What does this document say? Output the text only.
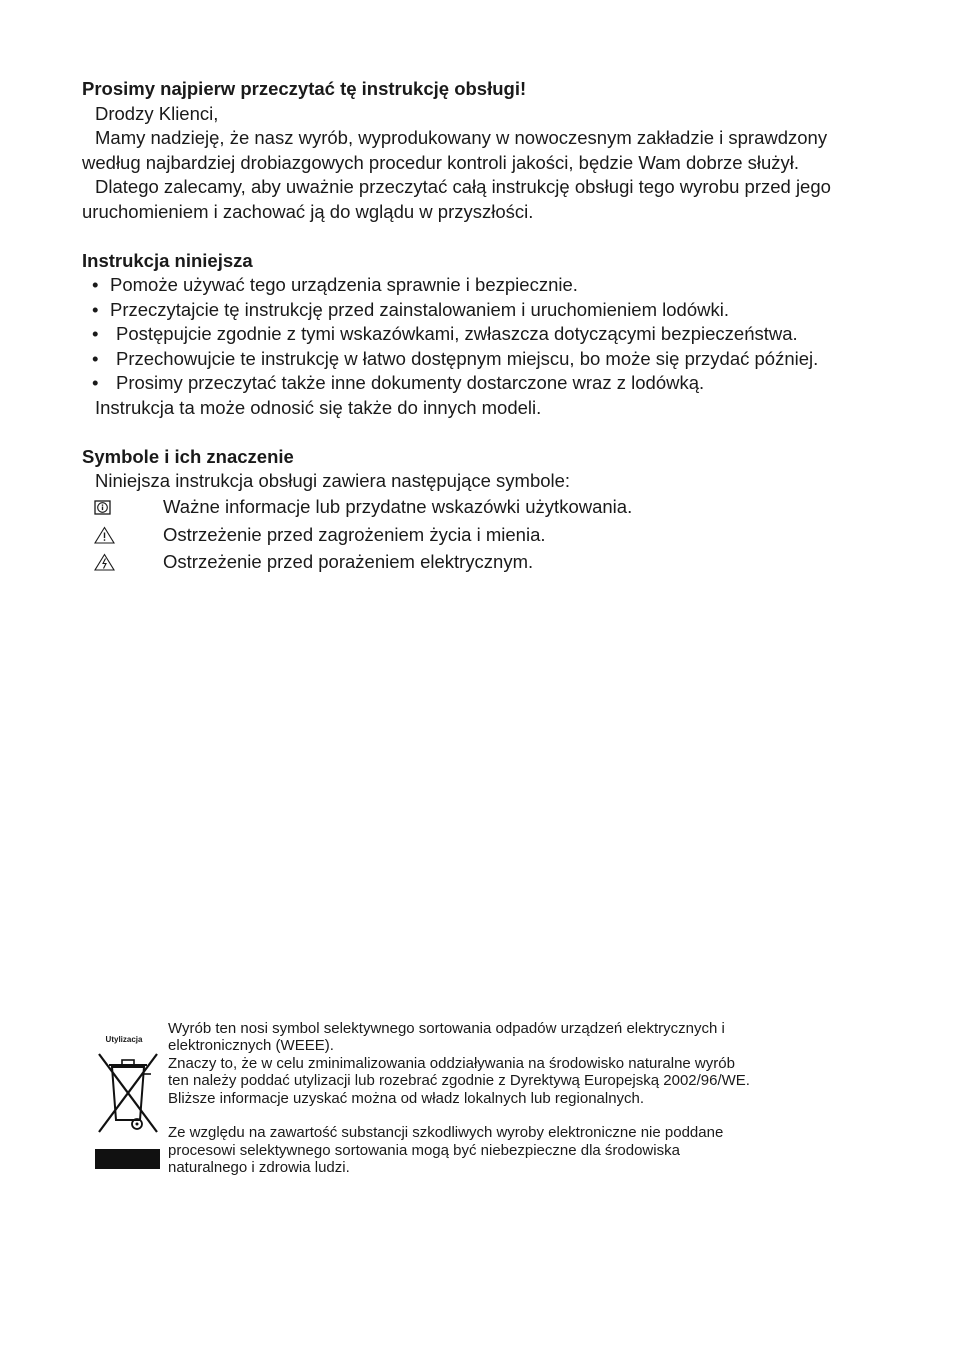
Prosimy najpierw przeczytać tę instrukcję obsługi!

Drodzy Klienci,

Mamy nadzieję, że nasz wyrób, wyprodukowany w nowoczesnym zakładzie i sprawdzony

według najbardziej drobiazgowych procedur kontroli jakości, będzie Wam dobrze służył.

Dlatego zalecamy, aby uważnie przeczytać całą instrukcję obsługi tego wyrobu przed jego

uruchomieniem i zachować ją do wglądu w przyszłości.

Instrukcja niniejsza

• Pomoże używać tego urządzenia sprawnie i bezpiecznie.
• Przeczytajcie tę instrukcję przed zainstalowaniem i uruchomieniem lodówki.
• Postępujcie zgodnie z tymi wskazówkami, zwłaszcza dotyczącymi bezpieczeństwa.
• Przechowujcie te instrukcję w łatwo dostępnym miejscu, bo może się przydać później.
• Prosimy przeczytać także inne dokumenty dostarczone wraz z lodówką.

Instrukcja ta może odnosić się także do innych modeli.

Symbole i ich znaczenie

Niniejsza instrukcja obsługi zawiera następujące symbole:

Ważne informacje lub przydatne wskazówki użytkowania.
Ostrzeżenie przed zagrożeniem życia i mienia.
Ostrzeżenie przed porażeniem elektrycznym.
Utylizacja
Wyrób ten nosi symbol selektywnego sortowania odpadów urządzeń elektrycznych i
elektronicznych (WEEE).
Znaczy to, że w celu zminimalizowania oddziaływania na środowisko naturalne wyrób
ten należy poddać utylizacji lub rozebrać zgodnie z Dyrektywą Europejską 2002/96/WE.
Bliższe informacje uzyskać można od władz lokalnych lub regionalnych.
Ze względu na zawartość substancji szkodliwych wyroby elektroniczne nie poddane
procesowi selektywnego sortowania mogą być niebezpieczne dla środowiska
naturalnego i zdrowia ludzi.
